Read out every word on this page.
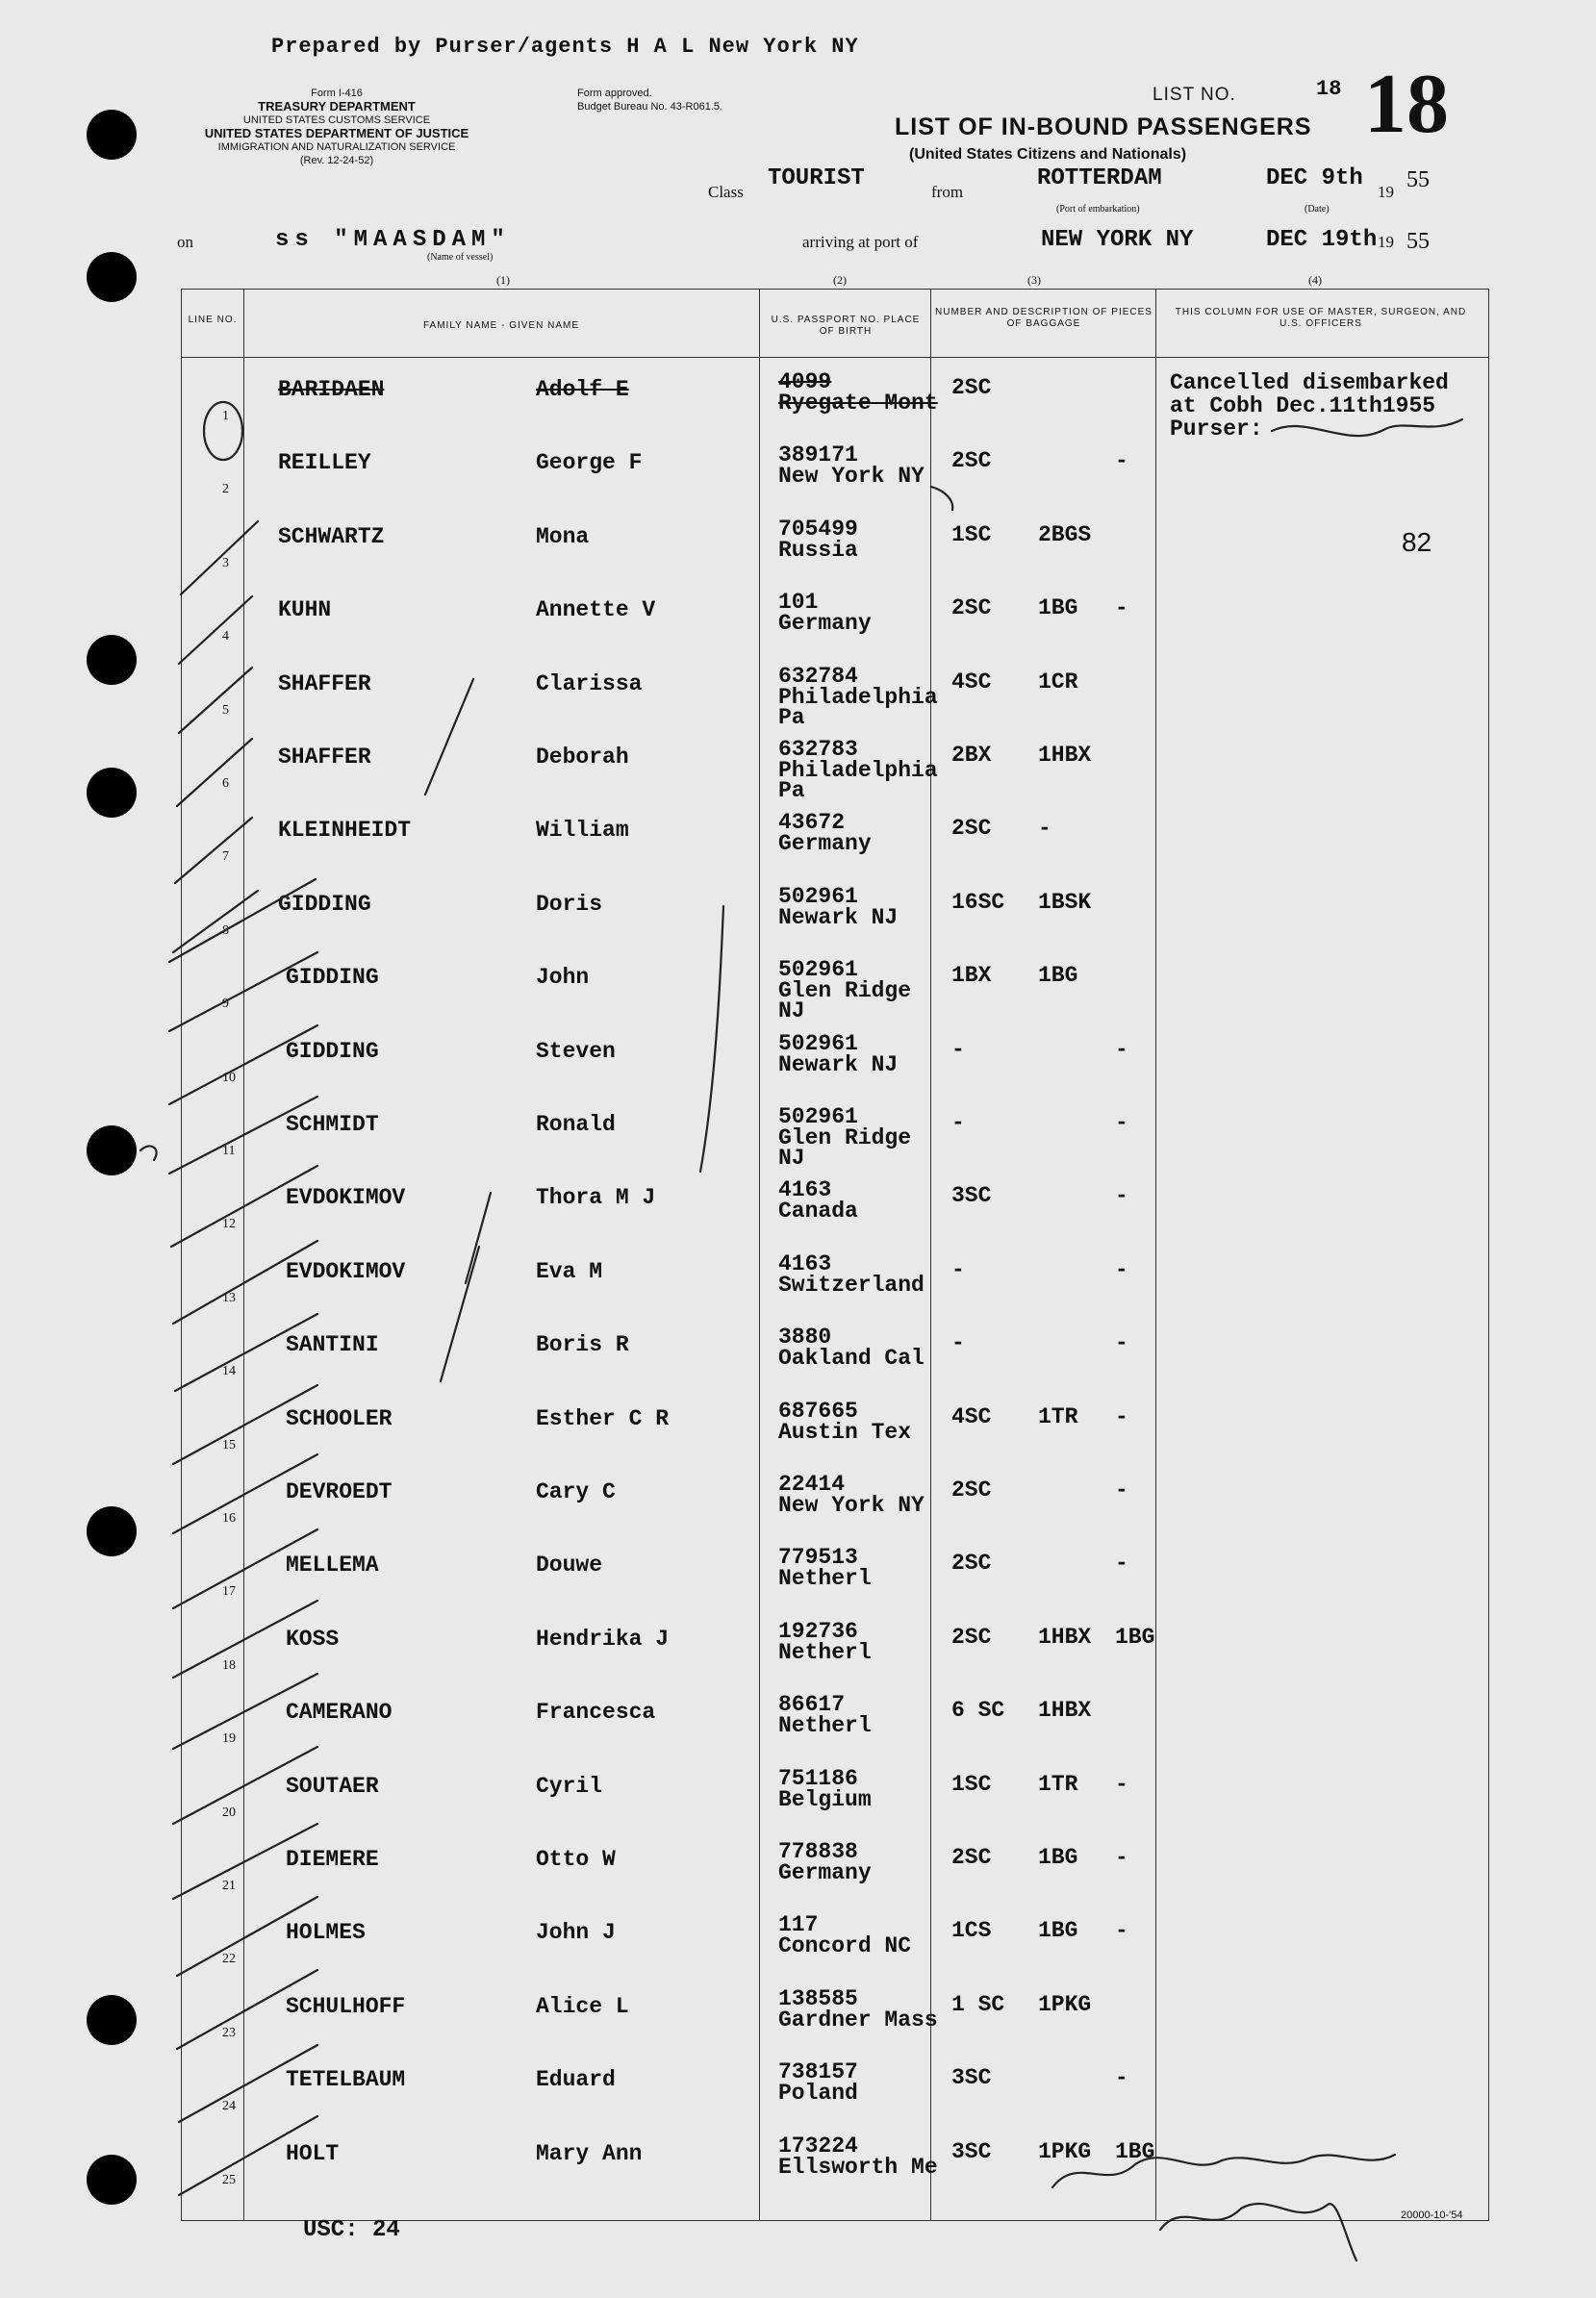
Prepared by Purser/agents H A L New York NY
Form I-416
TREASURY DEPARTMENT
UNITED STATES CUSTOMS SERVICE
UNITED STATES DEPARTMENT OF JUSTICE
IMMIGRATION AND NATURALIZATION SERVICE
(Rev. 12-24-52)
Form approved.
Budget Bureau No. 43-R061.5.
LIST NO.	18 18
LIST OF IN-BOUND PASSENGERS
(United States Citizens and Nationals)
Class
TOURIST
from
ROTTERDAM
(Port of embarkation)
DEC 9th
19 55
(Date)
on	ss "MAASDAM"
(Name of vessel)
arriving at port of	NEW YORK NY	DEC 19th 19 55
(1)	(2)	(3)	(4)
LINE NO.
FAMILY NAME - GIVEN NAME
U.S. PASSPORT NO. PLACE OF BIRTH
NUMBER AND DESCRIPTION OF PIECES OF BAGGAGE
THIS COLUMN FOR USE OF MASTER, SURGEON, AND U.S. OFFICERS
1
BARIDAEN	Adolf E	4099
Ryegate Mont
2SC
2
REILLEY	George F	389171
New York NY
2SC	-
3
SCHWARTZ	Mona	705499
Russia
1SC 2BGS
4
KUHN	Annette V	101
Germany
2SC 1BG -
5
SHAFFER	Clarissa	632784
Philadelphia Pa
4SC 1CR
6
SHAFFER	Deborah	632783
Philadelphia Pa
2BX 1HBX
7
KLEINHEIDT	William	43672
Germany
2SC -
8
GIDDING	Doris	502961
Newark NJ
16SC 1BSK
9
GIDDING	John	502961
Glen Ridge NJ
1BX 1BG
10
GIDDING	Steven	502961
Newark NJ
-	-
11
SCHMIDT	Ronald	502961
Glen Ridge NJ
-	-
12
EVDOKIMOV	Thora M J	4163
Canada
3SC	-
13
EVDOKIMOV	Eva M	4163
Switzerland
-	-
14
SANTINI	Boris R	3880
Oakland Cal
-	-
15
SCHOOLER	Esther C R	687665
Austin Tex
4SC 1TR -
16
DEVROEDT	Cary C	22414
New York NY
2SC	-
17
MELLEMA	Douwe	779513
Netherl
2SC	-
18
KOSS	Hendrika J	192736
Netherl
2SC 1HBX 1BG
19
CAMERANO	Francesca	86617
Netherl
6 SC 1HBX
20
SOUTAER	Cyril	751186
Belgium
1SC 1TR -
21
DIEMERE	Otto W	778838
Germany
2SC 1BG -
22
HOLMES	John J	117
Concord NC
1CS 1BG -
23
SCHULHOFF	Alice L	138585
Gardner Mass
1 SC 1PKG
24
TETELBAUM	Eduard	738157
Poland
3SC	-
25
HOLT	Mary Ann	173224
Ellsworth Me
3SC 1PKG 1BG
Cancelled disembarked
at Cobh Dec.11th1955
Purser:
82
USC: 24
20000-10-'54
